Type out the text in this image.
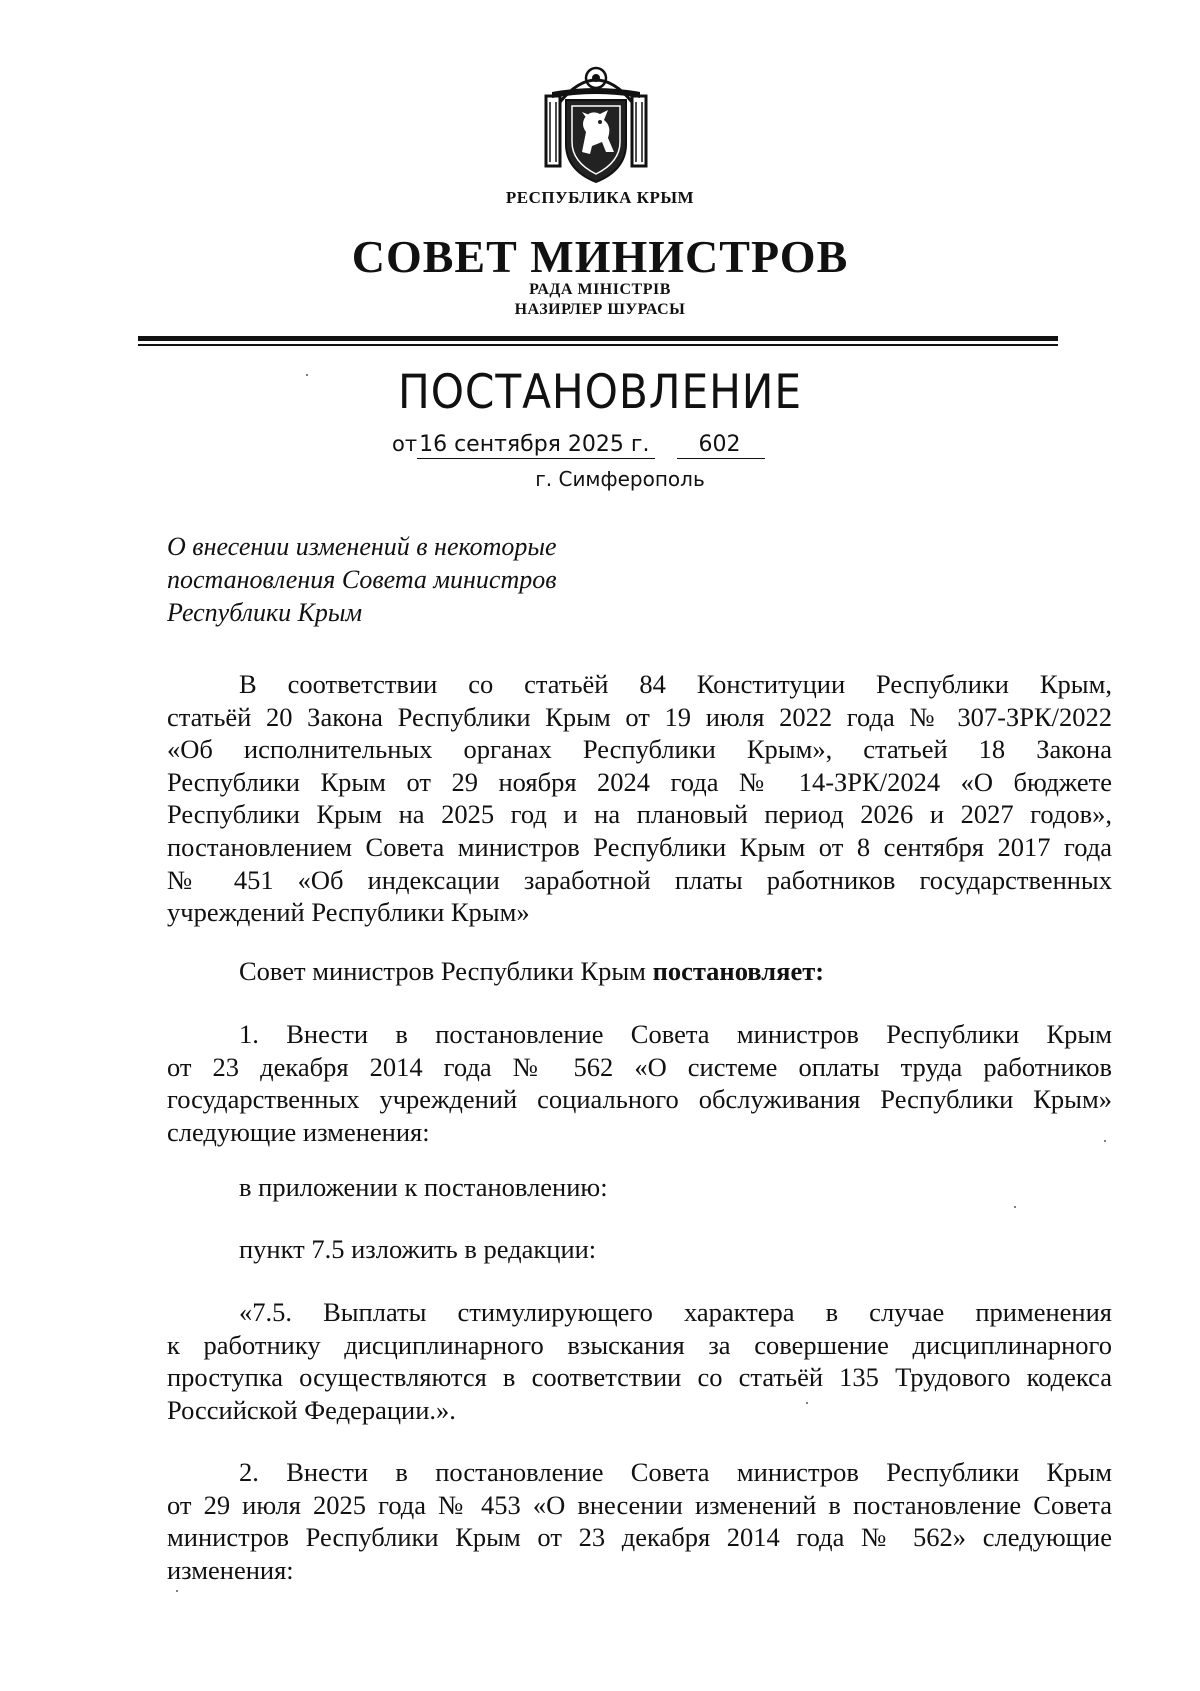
РЕСПУБЛИКА КРЫМ
СОВЕТ МИНИСТРОВ
РАДА МІНІСТРІВ
НАЗИРЛЕР ШУРАСЫ
ПОСТАНОВЛЕНИЕ
от16 сентября 2025 г. 602
г. Симферополь
О внесении изменений в некоторые
постановления Совета министров
Республики Крым
В соответствии со статьёй 84 Конституции Республики Крым,
статьёй 20 Закона Республики Крым от 19 июля 2022 года № 307-ЗРК/2022
«Об исполнительных органах Республики Крым», статьей 18 Закона
Республики Крым от 29 ноября 2024 года № 14-ЗРК/2024 «О бюджете
Республики Крым на 2025 год и на плановый период 2026 и 2027 годов»,
постановлением Совета министров Республики Крым от 8 сентября 2017 года
№ 451 «Об индексации заработной платы работников государственных
учреждений Республики Крым»
Совет министров Республики Крым постановляет:
1. Внести в постановление Совета министров Республики Крым
от 23 декабря 2014 года № 562 «О системе оплаты труда работников
государственных учреждений социального обслуживания Республики Крым»
следующие изменения:
в приложении к постановлению:
пункт 7.5 изложить в редакции:
«7.5. Выплаты стимулирующего характера в случае применения
к работнику дисциплинарного взыскания за совершение дисциплинарного
проступка осуществляются в соответствии со статьёй 135 Трудового кодекса
Российской Федерации.».
2. Внести в постановление Совета министров Республики Крым
от 29 июля 2025 года № 453 «О внесении изменений в постановление Совета
министров Республики Крым от 23 декабря 2014 года № 562» следующие
изменения:
